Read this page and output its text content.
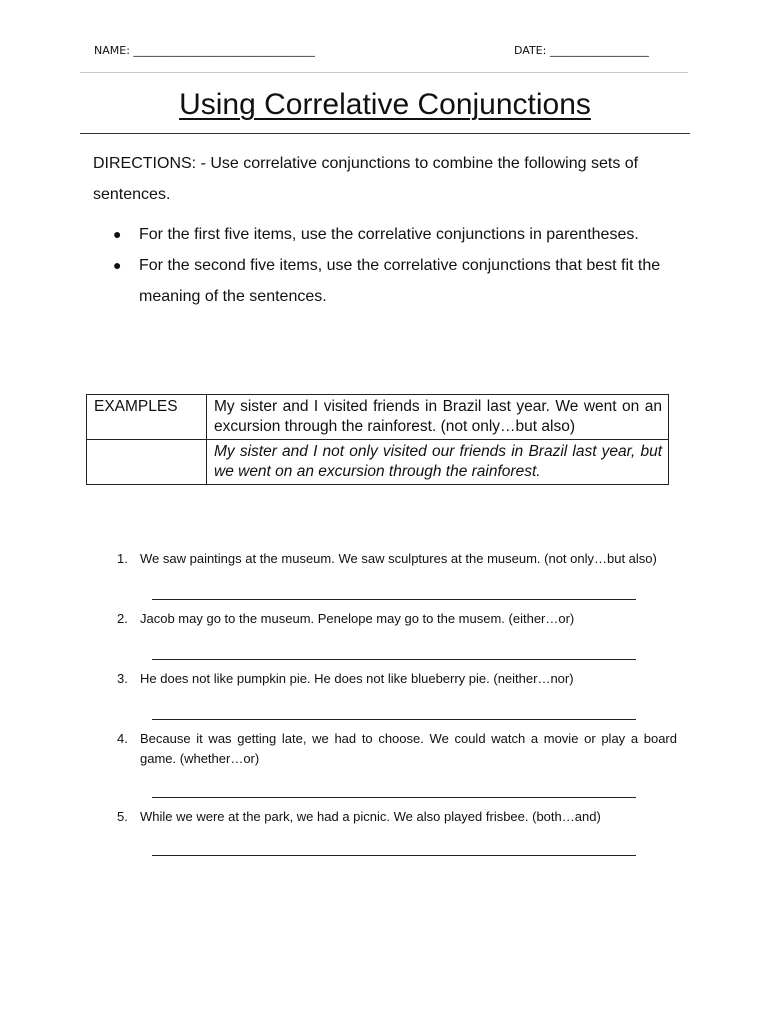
NAME: _________________________________	DATE: __________________
Using Correlative Conjunctions
DIRECTIONS: - Use correlative conjunctions to combine the following sets of sentences.
● For the first five items, use the correlative conjunctions in parentheses.
● For the second five items, use the correlative conjunctions that best fit the meaning of the sentences.
EXAMPLES	My sister and I visited friends in Brazil last year. We went on an excursion through the rainforest. (not only…but also)
	My sister and I not only visited our friends in Brazil last year, but we went on an excursion through the rainforest.
1. We saw paintings at the museum. We saw sculptures at the museum. (not only…but also)
2. Jacob may go to the museum. Penelope may go to the musem. (either…or)
3. He does not like pumpkin pie. He does not like blueberry pie. (neither…nor)
4. Because it was getting late, we had to choose. We could watch a movie or play a board game. (whether…or)
5. While we were at the park, we had a picnic. We also played frisbee. (both…and)
